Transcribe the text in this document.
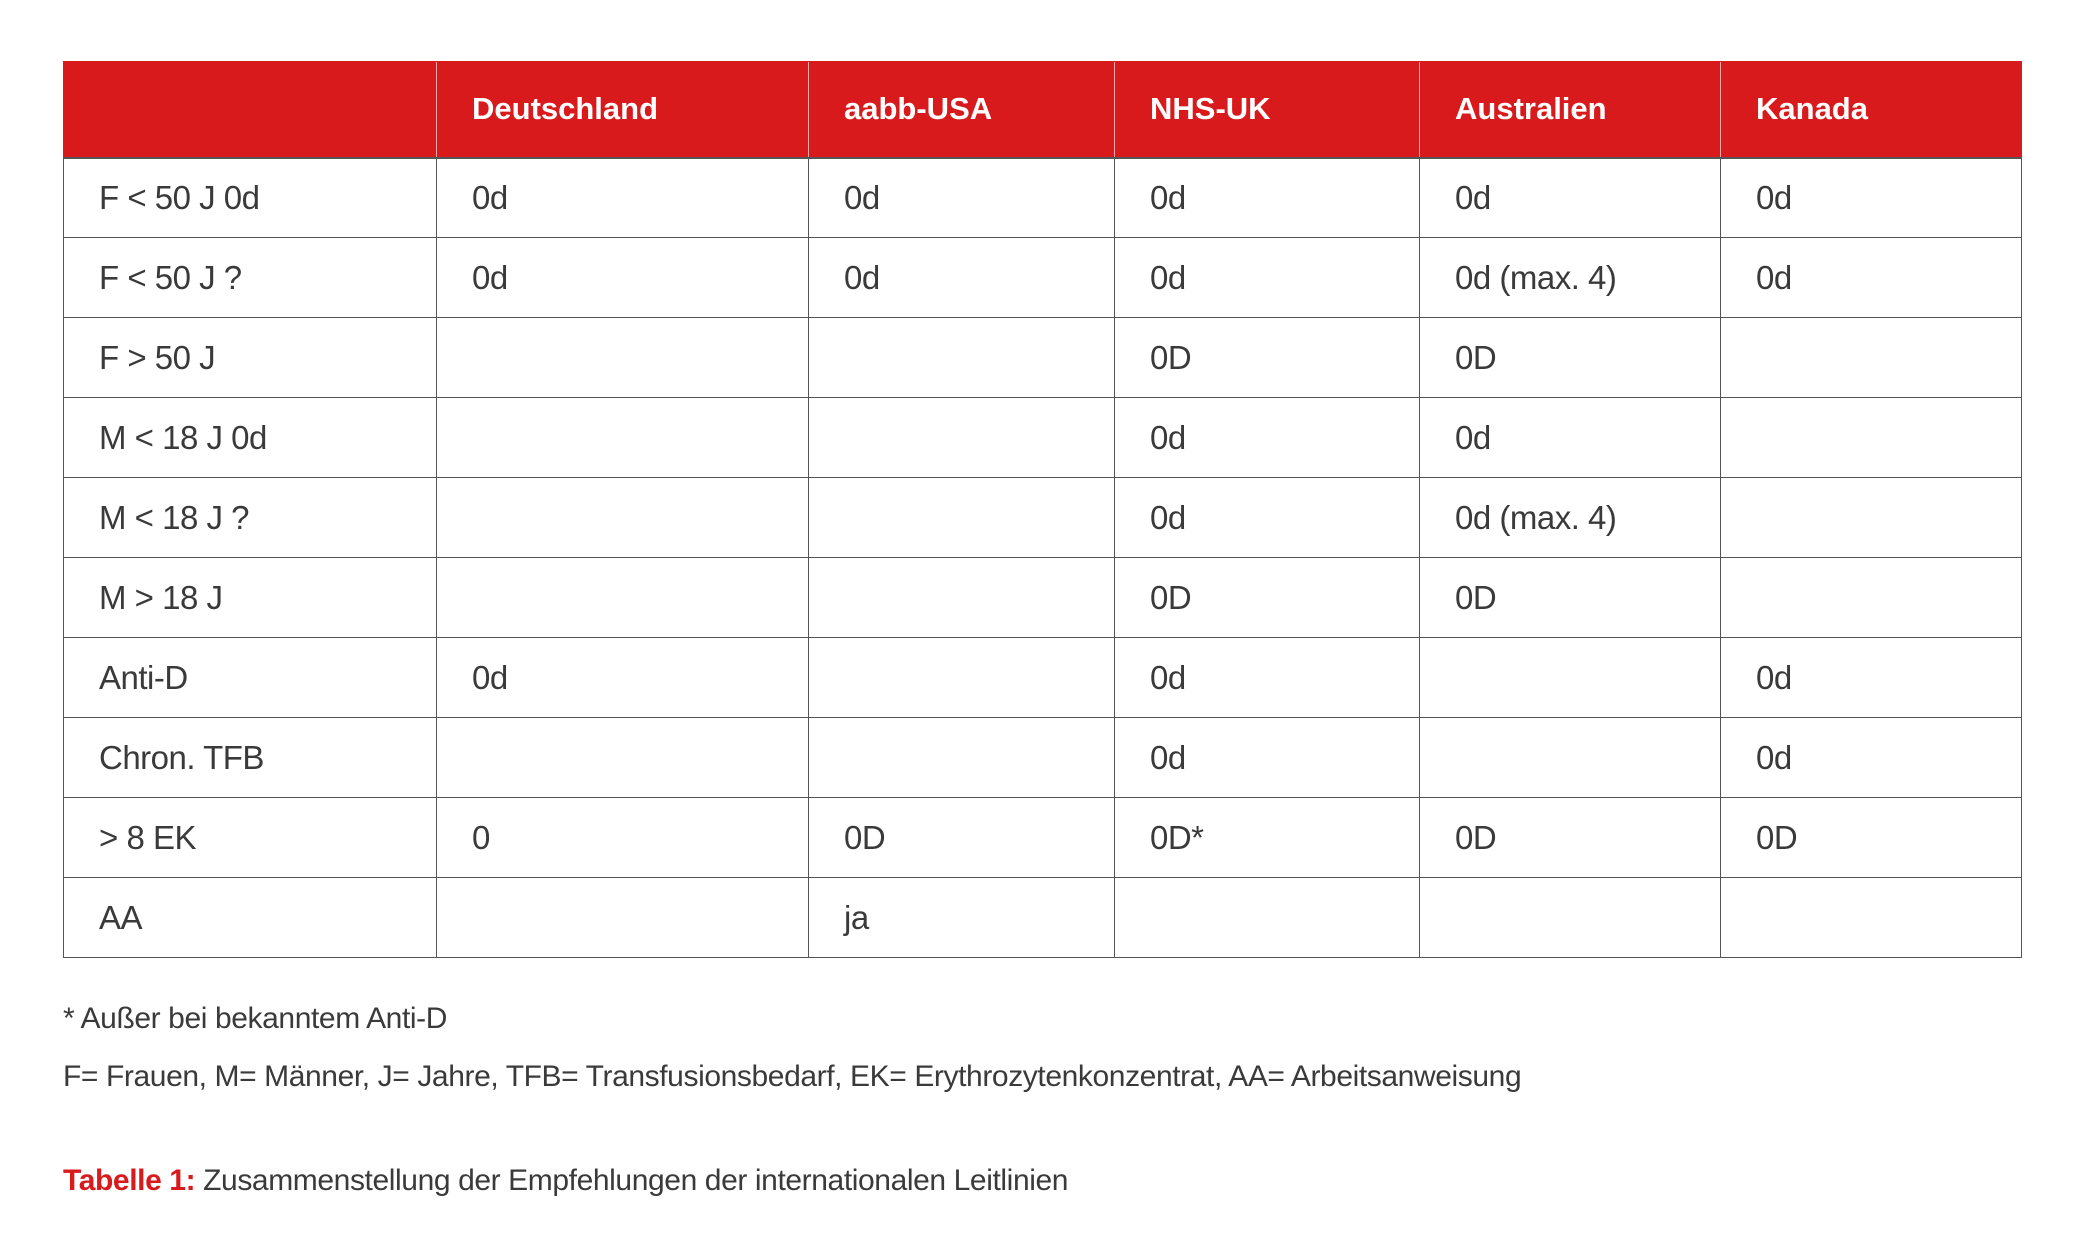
	Deutschland	aabb-USA	NHS-UK	Australien	Kanada
F < 50 J 0d	0d	0d	0d	0d	0d
F < 50 J ?	0d	0d	0d	0d (max. 4)	0d
F > 50 J			0D	0D	
M < 18 J 0d			0d	0d	
M < 18 J ?			0d	0d (max. 4)	
M > 18 J			0D	0D	
Anti-D	0d		0d		0d
Chron. TFB			0d		0d
> 8 EK	0	0D	0D*	0D	0D
AA		ja			
* Außer bei bekanntem Anti-D
F= Frauen, M= Männer, J= Jahre, TFB= Transfusionsbedarf, EK= Erythrozytenkonzentrat, AA= Arbeitsanweisung
Tabelle 1: Zusammenstellung der Empfehlungen der internationalen Leitlinien
